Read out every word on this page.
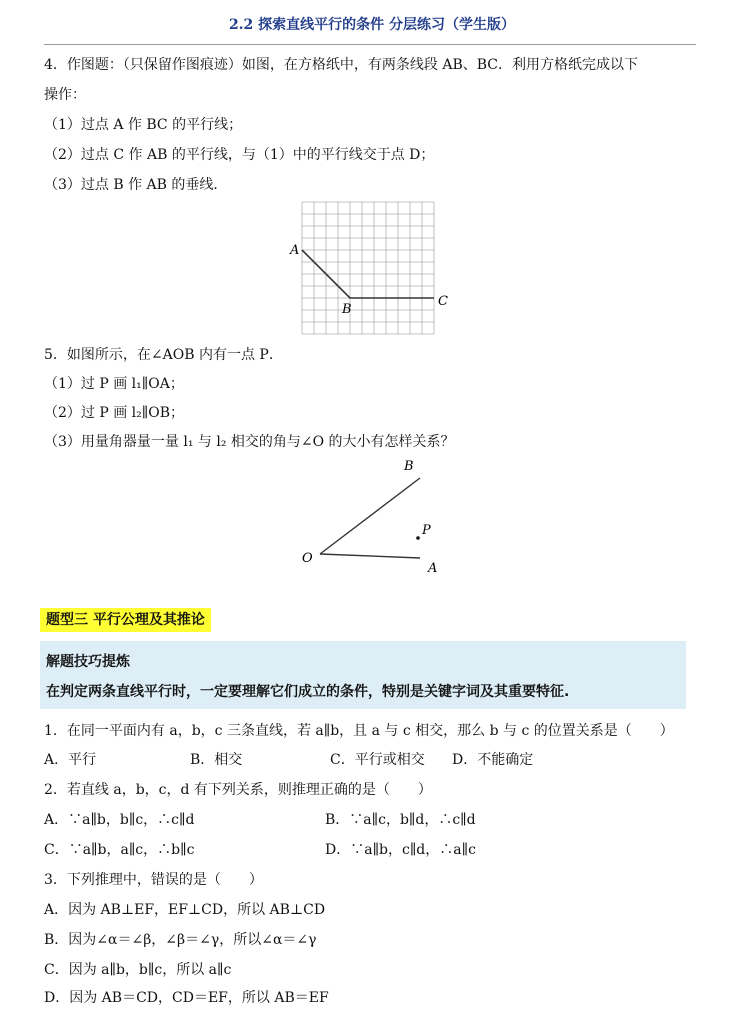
2.2 探索直线平行的条件 分层练习（学生版）
4．作图题：（只保留作图痕迹）如图，在方格纸中，有两条线段 AB、BC．利用方格纸完成以下
操作：
（1）过点 A 作 BC 的平行线；
（2）过点 C 作 AB 的平行线，与（1）中的平行线交于点 D；
（3）过点 B 作 AB 的垂线．
A
B
C
5．如图所示，在∠AOB 内有一点 P．
（1）过 P 画 l₁∥OA；
（2）过 P 画 l₂∥OB；
（3）用量角器量一量 l₁ 与 l₂ 相交的角与∠O 的大小有怎样关系？
O
A
B
P
题型三 平行公理及其推论
解题技巧提炼
在判定两条直线平行时，一定要理解它们成立的条件，特别是关键字词及其重要特征.
1．在同一平面内有 a，b，c 三条直线，若 a∥b，且 a 与 c 相交，那么 b 与 c 的位置关系是（　　）
A．平行	B．相交	C．平行或相交 D．不能确定
2．若直线 a，b，c，d 有下列关系，则推理正确的是（　　）
A．∵a∥b，b∥c，∴c∥d	B．∵a∥c，b∥d，∴c∥d
C．∵a∥b，a∥c，∴b∥c	D．∵a∥b，c∥d，∴a∥c
3．下列推理中，错误的是（　　）
A．因为 AB⊥EF，EF⊥CD，所以 AB⊥CD
B．因为∠α＝∠β，∠β＝∠γ，所以∠α＝∠γ
C．因为 a∥b，b∥c，所以 a∥c
D．因为 AB＝CD，CD＝EF，所以 AB＝EF
